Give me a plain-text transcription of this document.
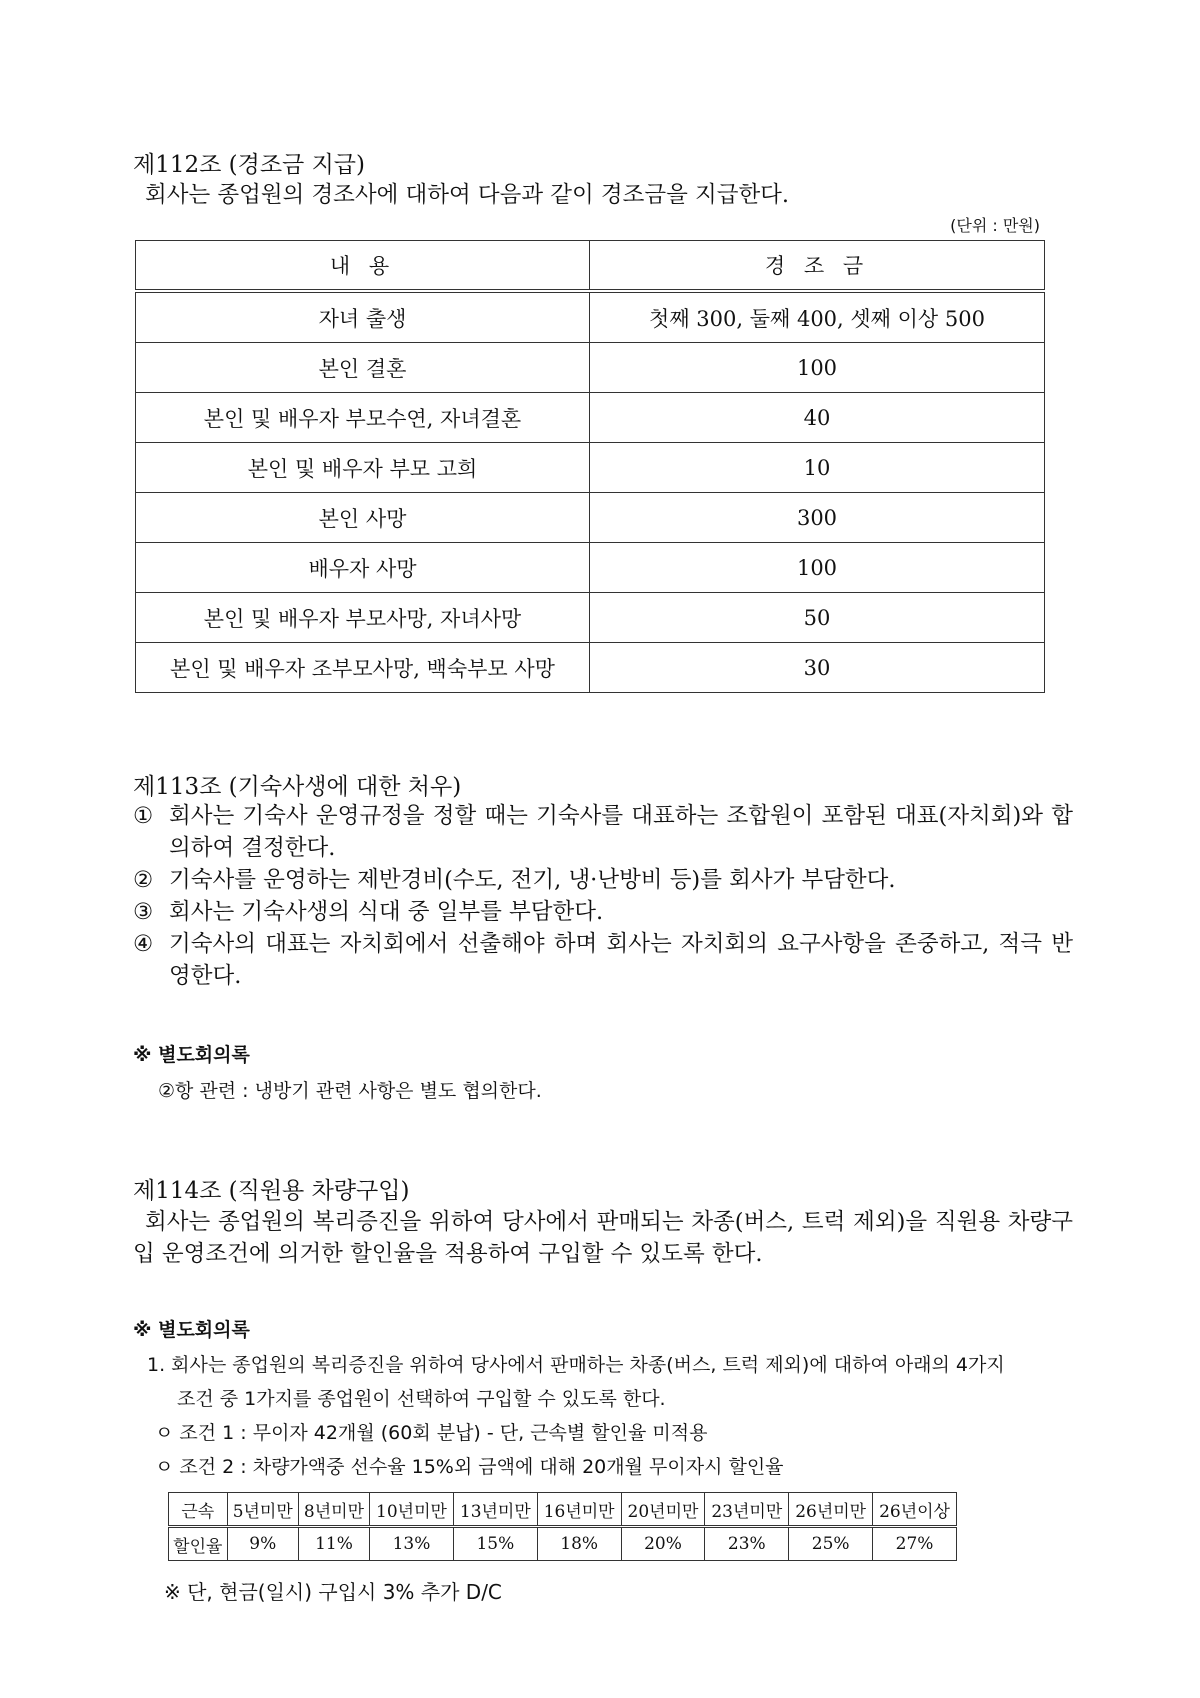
제112조 (경조금 지급)
회사는 종업원의 경조사에 대하여 다음과 같이 경조금을 지급한다.
(단위 : 만원)
내 용	경 조 금
자녀 출생	첫째 300, 둘째 400, 셋째 이상 500
본인 결혼	100
본인 및 배우자 부모수연, 자녀결혼	40
본인 및 배우자 부모 고희	10
본인 사망	300
배우자 사망	100
본인 및 배우자 부모사망, 자녀사망	50
본인 및 배우자 조부모사망, 백숙부모 사망	30
제113조 (기숙사생에 대한 처우)
① 회사는 기숙사 운영규정을 정할 때는 기숙사를 대표하는 조합원이 포함된 대표(자치회)와 합의하여 결정한다.
② 기숙사를 운영하는 제반경비(수도, 전기, 냉·난방비 등)를 회사가 부담한다.
③ 회사는 기숙사생의 식대 중 일부를 부담한다.
④ 기숙사의 대표는 자치회에서 선출해야 하며 회사는 자치회의 요구사항을 존중하고, 적극 반영한다.
※ 별도회의록
②항 관련 : 냉방기 관련 사항은 별도 협의한다.
제114조 (직원용 차량구입)
회사는 종업원의 복리증진을 위하여 당사에서 판매되는 차종(버스, 트럭 제외)을 직원용 차량구입 운영조건에 의거한 할인율을 적용하여 구입할 수 있도록 한다.
※ 별도회의록
1. 회사는 종업원의 복리증진을 위하여 당사에서 판매하는 차종(버스, 트럭 제외)에 대하여 아래의 4가지
조건 중 1가지를 종업원이 선택하여 구입할 수 있도록 한다.
ㅇ 조건 1 : 무이자 42개월 (60회 분납) - 단, 근속별 할인율 미적용
ㅇ 조건 2 : 차량가액중 선수율 15%외 금액에 대해 20개월 무이자시 할인율
근속	5년미만	8년미만	10년미만	13년미만	16년미만	20년미만	23년미만	26년미만	26년이상
할인율	9%	11%	13%	15%	18%	20%	23%	25%	27%
※ 단, 현금(일시) 구입시 3% 추가 D/C
